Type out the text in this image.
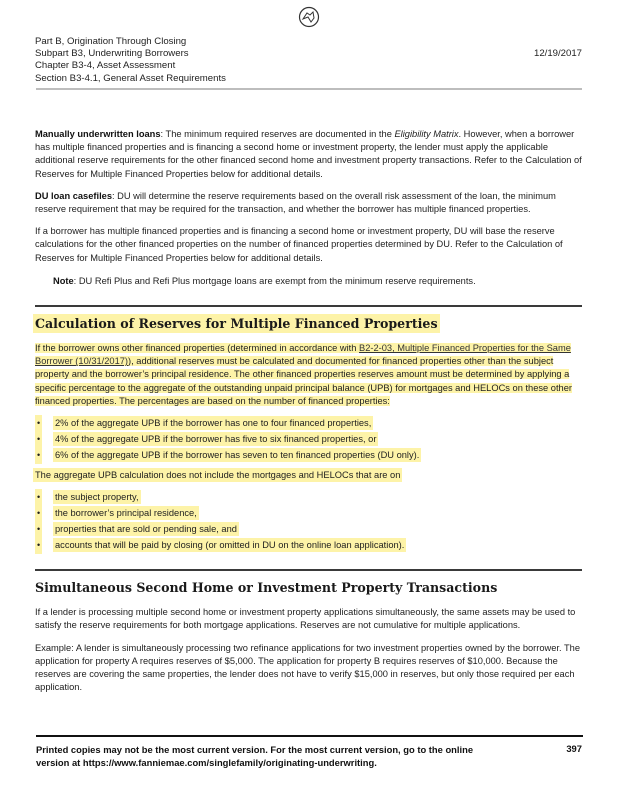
Part B, Origination Through Closing
Subpart B3, Underwriting Borrowers
Chapter B3-4, Asset Assessment
Section B3-4.1, General Asset Requirements
12/19/2017

Manually underwritten loans: The minimum required reserves are documented in the Eligibility Matrix. However, when a borrower has multiple financed properties and is financing a second home or investment property, the lender must apply the applicable additional reserve requirements for the other financed second home and investment property transactions. Refer to the Calculation of Reserves for Multiple Financed Properties below for additional details.

DU loan casefiles: DU will determine the reserve requirements based on the overall risk assessment of the loan, the minimum reserve requirement that may be required for the transaction, and whether the borrower has multiple financed properties.

If a borrower has multiple financed properties and is financing a second home or investment property, DU will base the reserve calculations for the other financed properties on the number of financed properties determined by DU. Refer to the Calculation of Reserves for Multiple Financed Properties below for additional details.

Note: DU Refi Plus and Refi Plus mortgage loans are exempt from the minimum reserve requirements.

Calculation of Reserves for Multiple Financed Properties

If the borrower owns other financed properties (determined in accordance with B2-2-03, Multiple Financed Properties for the Same Borrower (10/31/2017)), additional reserves must be calculated and documented for financed properties other than the subject property and the borrower’s principal residence. The other financed properties reserves amount must be determined by applying a specific percentage to the aggregate of the outstanding unpaid principal balance (UPB) for mortgages and HELOCs on these other financed properties. The percentages are based on the number of financed properties:

• 2% of the aggregate UPB if the borrower has one to four financed properties,
• 4% of the aggregate UPB if the borrower has five to six financed properties, or
• 6% of the aggregate UPB if the borrower has seven to ten financed properties (DU only).

The aggregate UPB calculation does not include the mortgages and HELOCs that are on

• the subject property,
• the borrower’s principal residence,
• properties that are sold or pending sale, and
• accounts that will be paid by closing (or omitted in DU on the online loan application).
Simultaneous Second Home or Investment Property Transactions

If a lender is processing multiple second home or investment property applications simultaneously, the same assets may be used to satisfy the reserve requirements for both mortgage applications. Reserves are not cumulative for multiple applications.

Example: A lender is simultaneously processing two refinance applications for two investment properties owned by the borrower. The application for property A requires reserves of $5,000. The application for property B requires reserves of $10,000. Because the reserves are covering the same properties, the lender does not have to verify $15,000 in reserves, but only those required per each application.

Printed copies may not be the most current version. For the most current version, go to the online version at https://www.fanniemae.com/singlefamily/originating-underwriting.
397
